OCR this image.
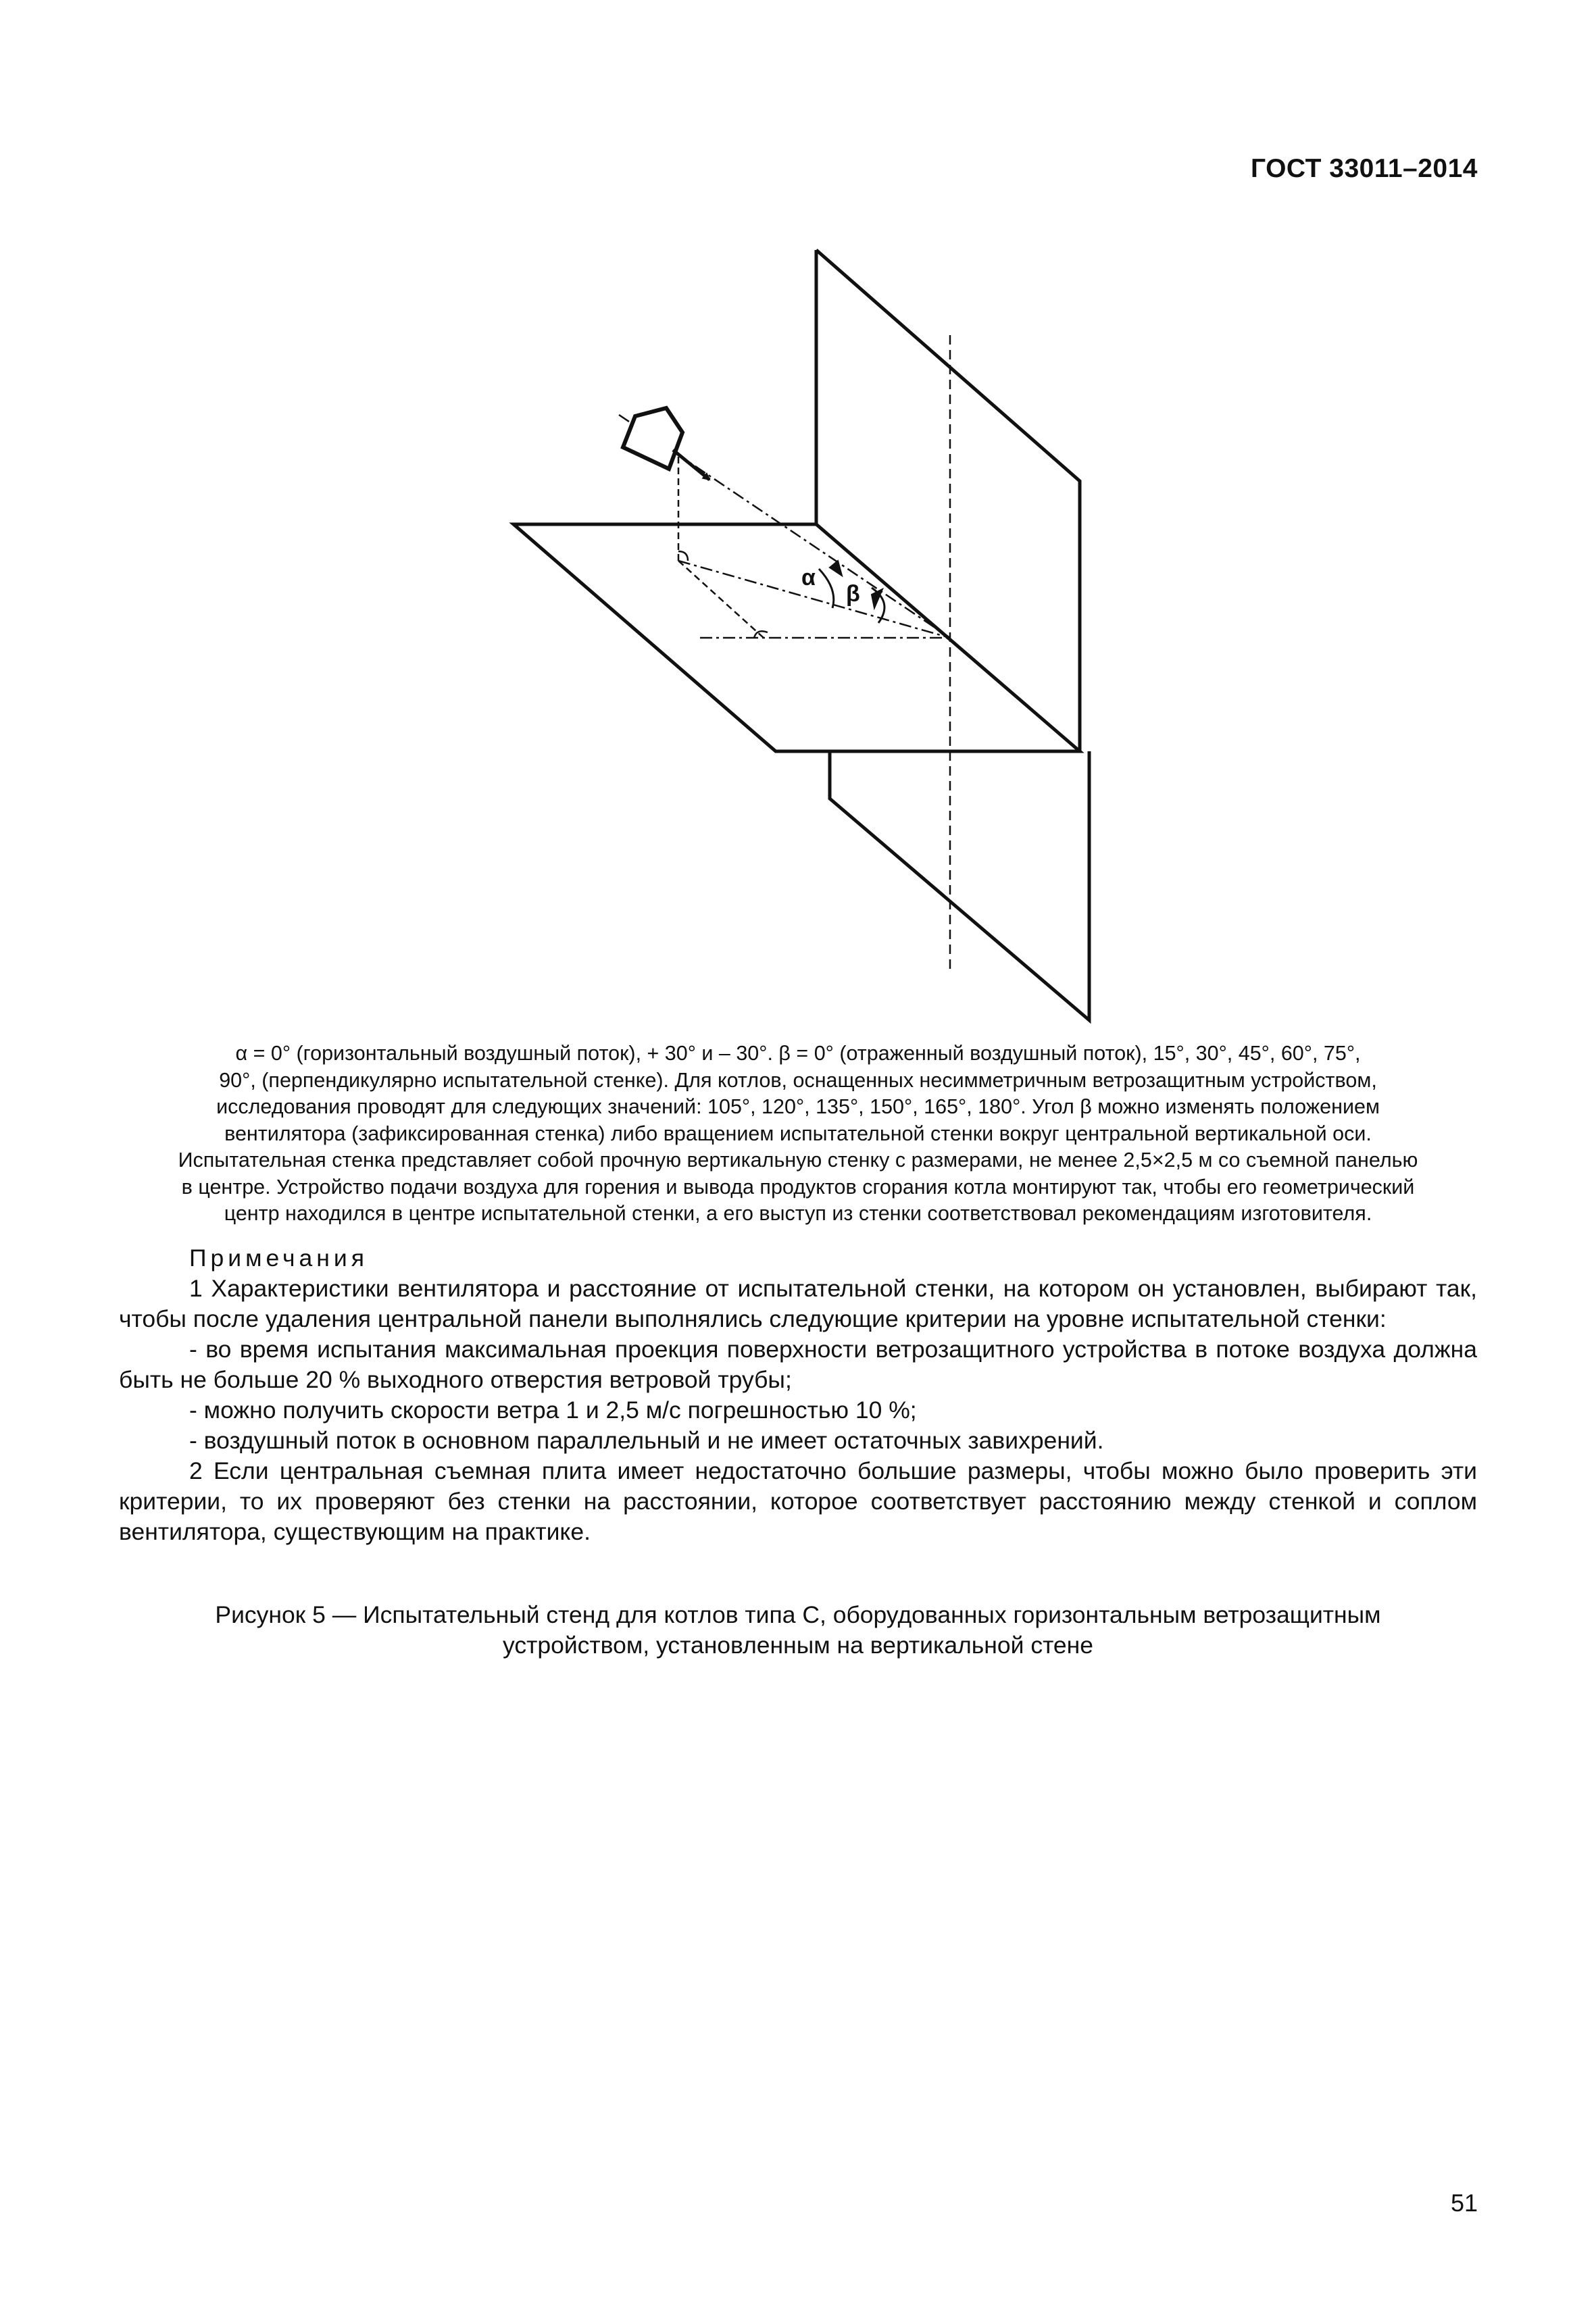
ГОСТ 33011–2014
α
β

α = 0° (горизонтальный воздушный поток), + 30° и – 30°. β = 0° (отраженный воздушный поток), 15°, 30°, 45°, 60°, 75°,

90°, (перпендикулярно испытательной стенке). Для котлов, оснащенных несимметричным ветрозащитным устройством,

исследования проводят для следующих значений: 105°, 120°, 135°, 150°, 165°, 180°. Угол β можно изменять положением

вентилятора (зафиксированная стенка) либо вращением испытательной стенки вокруг центральной вертикальной оси.

Испытательная стенка представляет собой прочную вертикальную стенку с размерами, не менее 2,5×2,5 м со съемной панелью

в центре. Устройство подачи воздуха для горения и вывода продуктов сгорания котла монтируют так, чтобы его геометрический

центр находился в центре испытательной стенки, а его выступ из стенки соответствовал рекомендациям изготовителя.

Примечания

1 Характеристики вентилятора и расстояние от испытательной стенки, на котором он установлен, выбирают так, чтобы после удаления центральной панели выполнялись следующие критерии на уровне испытательной стенки:

- во время испытания максимальная проекция поверхности ветрозащитного устройства в потоке воздуха должна быть не больше 20 % выходного отверстия ветровой трубы;

- можно получить скорости ветра 1 и 2,5 м/с погрешностью 10 %;

- воздушный поток в основном параллельный и не имеет остаточных завихрений.

2 Если центральная съемная плита имеет недостаточно большие размеры, чтобы можно было проверить эти критерии, то их проверяют без стенки на расстоянии, которое соответствует расстоянию между стенкой и соплом вентилятора, существующим на практике.

Рисунок 5 — Испытательный стенд для котлов типа С, оборудованных горизонтальным ветрозащитным

устройством, установленным на вертикальной стене

51
